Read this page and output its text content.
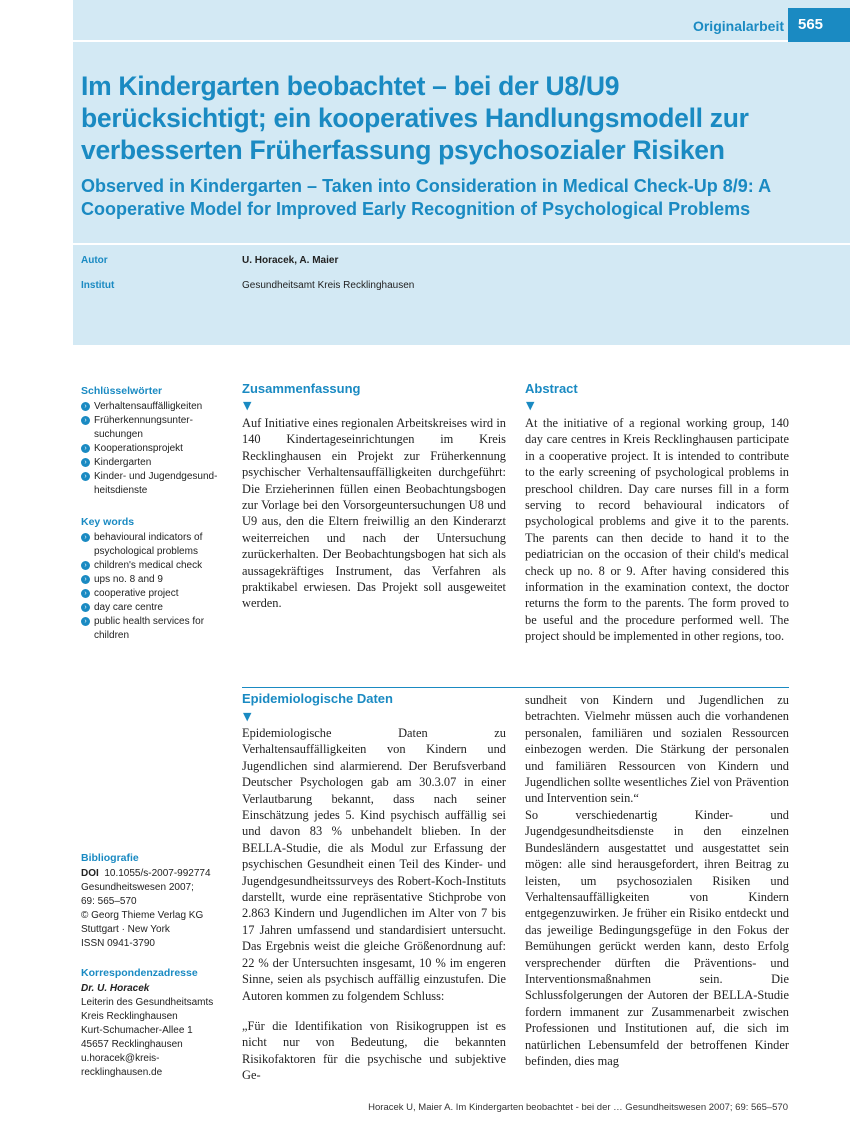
Originalarbeit 565
Im Kindergarten beobachtet – bei der U8/U9 berücksichtigt; ein kooperatives Handlungsmodell zur verbesserten Früherfassung psychosozialer Risiken
Observed in Kindergarten – Taken into Consideration in Medical Check-Up 8/9: A Cooperative Model for Improved Early Recognition of Psychological Problems
Autor	U. Horacek, A. Maier
Institut	Gesundheitsamt Kreis Recklinghausen
Schlüsselwörter
› Verhaltensauffälligkeiten
› Früherkennungsunter-
suchungen
› Kooperationsprojekt
› Kindergarten
› Kinder- und Jugendgesund-
heitsdienste
Key words
› behavioural indicators of
psychological problems
› children's medical check
› ups no. 8 and 9
› cooperative project
› day care centre
› public health services for
children
Bibliografie
DOI 10.1055/s-2007-992774
Gesundheitswesen 2007;
69: 565–570
© Georg Thieme Verlag KG
Stuttgart · New York
ISSN 0941-3790
Korrespondenzadresse
Dr. U. Horacek
Leiterin des Gesundheitsamts
Kreis Recklinghausen
Kurt-Schumacher-Allee 1
45657 Recklinghausen
u.horacek@kreis-
recklinghausen.de
Zusammenfassung
▼

Auf Initiative eines regionalen Arbeitskreises wird in 140 Kindertageseinrichtungen im Kreis Recklinghausen ein Projekt zur Früherkennung psychischer Verhaltensauffälligkeiten durchgeführt: Die Erzieherinnen füllen einen Beobachtungsbogen zur Vorlage bei den Vorsorgeuntersuchungen U8 und U9 aus, den die Eltern freiwillig an den Kinderarzt weiterreichen und nach der Untersuchung zurückerhalten. Der Beobachtungsbogen hat sich als aussagekräftiges Instrument, das Verfahren als praktikabel erwiesen. Das Projekt soll ausgeweitet werden.

Abstract
▼

At the initiative of a regional working group, 140 day care centres in Kreis Recklinghausen participate in a cooperative project. It is intended to contribute to the early screening of psychological problems in preschool children. Day care nurses fill in a form serving to record behavioural indicators of psychological problems and give it to the parents. The parents can then decide to hand it to the pediatrician on the occasion of their child's medical check up no. 8 or 9. After having considered this information in the examination context, the doctor returns the form to the parents. The form proved to be useful and the procedure performed well. The project should be implemented in other regions, too.

Epidemiologische Daten
▼

Epidemiologische Daten zu Verhaltensauffälligkeiten von Kindern und Jugendlichen sind alarmierend. Der Berufsverband Deutscher Psychologen gab am 30.3.07 in einer Verlautbarung bekannt, dass nach seiner Einschätzung jedes 5. Kind psychisch auffällig sei und davon 83 % unbehandelt blieben. In der BELLA-Studie, die als Modul zur Erfassung der psychischen Gesundheit einen Teil des Kinder- und Jugendgesundheitssurveys des Robert-Koch-Instituts darstellt, wurde eine repräsentative Stichprobe von 2.863 Kindern und Jugendlichen im Alter von 7 bis 17 Jahren umfassend und standardisiert untersucht. Das Ergebnis weist die gleiche Größenordnung auf: 22 % der Untersuchten insgesamt, 10 % im engeren Sinne, seien als psychisch auffällig einzustufen. Die Autoren kommen zu folgendem Schluss:

„Für die Identifikation von Risikogruppen ist es nicht nur von Bedeutung, die bekannten Risikofaktoren für die psychische und subjektive Ge-

sundheit von Kindern und Jugendlichen zu betrachten. Vielmehr müssen auch die vorhandenen personalen, familiären und sozialen Ressourcen einbezogen werden. Die Stärkung der personalen und familiären Ressourcen von Kindern und Jugendlichen sollte wesentliches Ziel von Prävention und Intervention sein.“

So verschiedenartig Kinder- und Jugendgesundheitsdienste in den einzelnen Bundesländern ausgestattet und ausgestattet sein mögen: alle sind herausgefordert, ihren Beitrag zu leisten, um psychosozialen Risiken und Verhaltensauffälligkeiten von Kindern entgegenzuwirken. Je früher ein Risiko entdeckt und das jeweilige Bedingungsgefüge in den Fokus der Bemühungen gerückt werden kann, desto Erfolg versprechender dürften die Präventions- und Interventionsmaßnahmen sein. Die Schlussfolgerungen der Autoren der BELLA-Studie fordern immanent zur Zusammenarbeit zwischen Professionen und Institutionen auf, die sich im natürlichen Lebensumfeld der betroffenen Kinder befinden, dies mag

Horacek U, Maier A. Im Kindergarten beobachtet - bei der … Gesundheitswesen 2007; 69: 565–570
